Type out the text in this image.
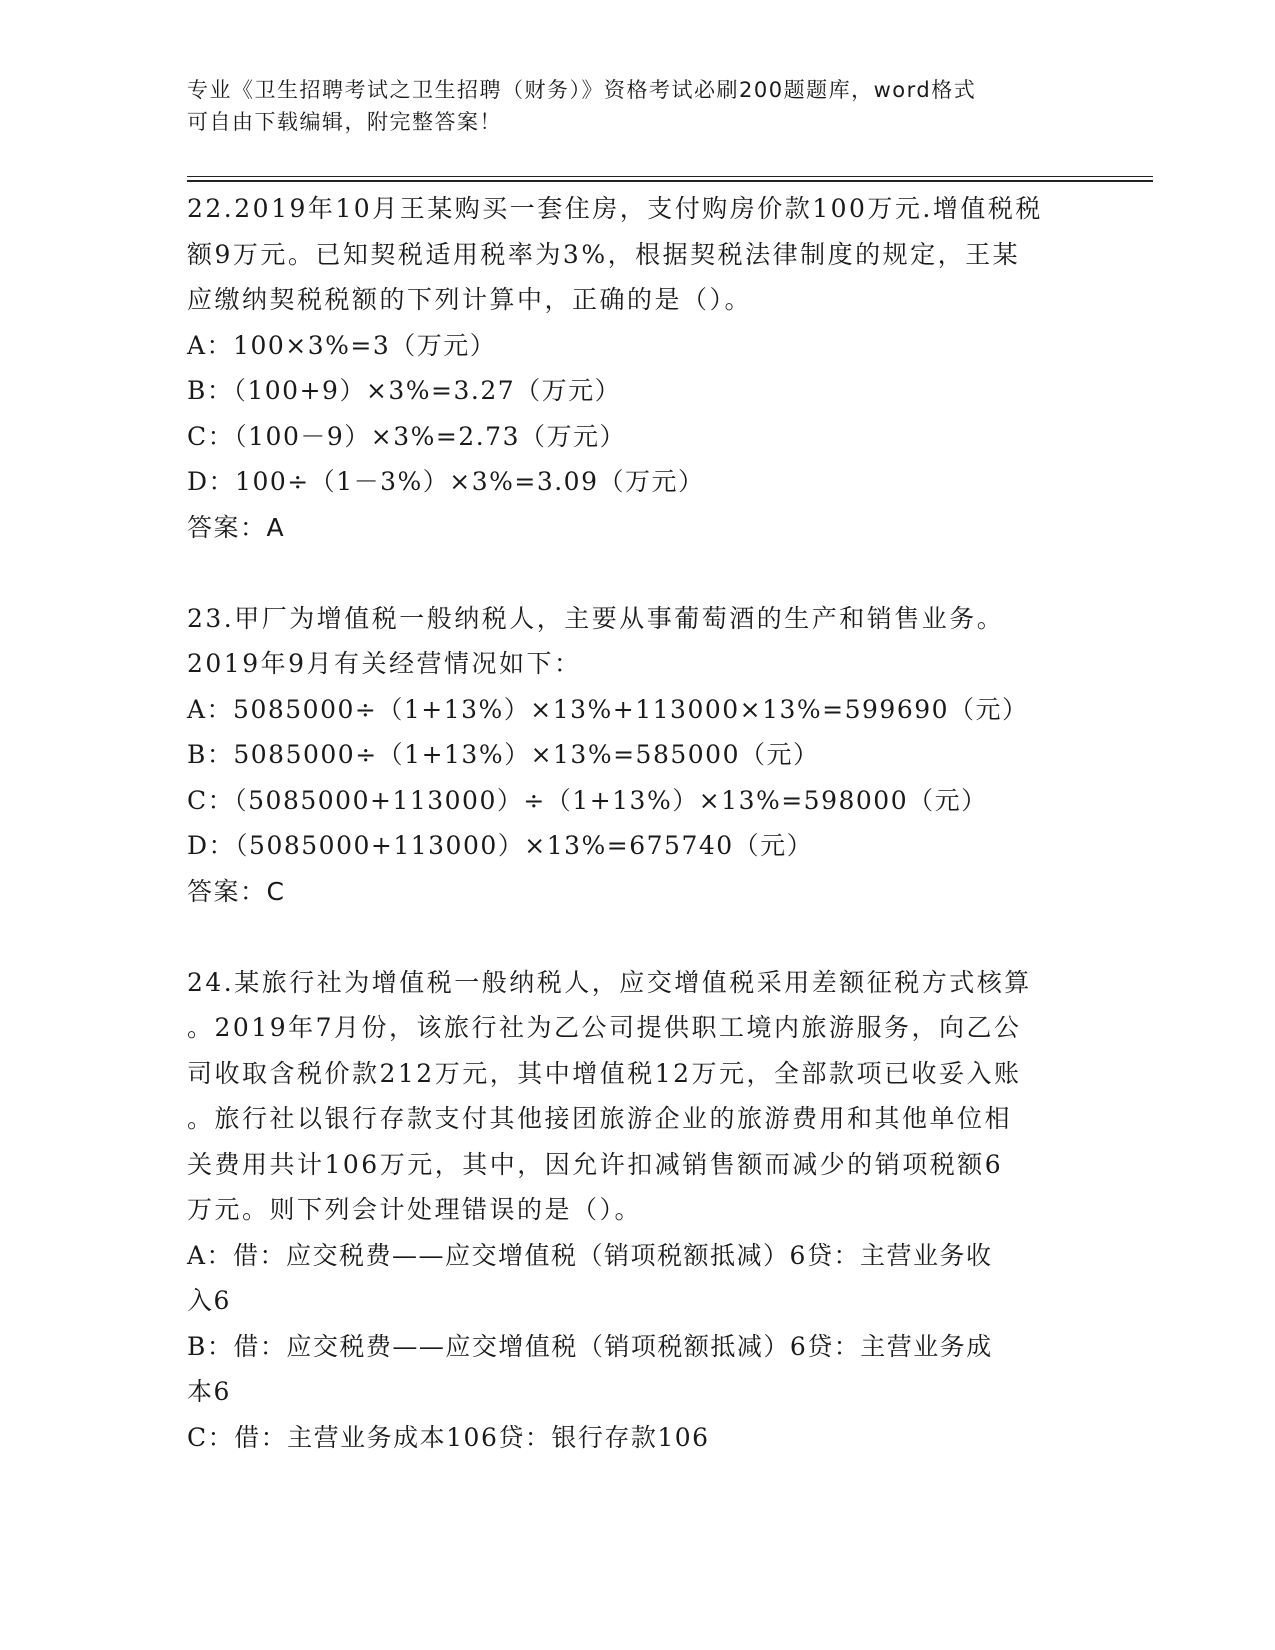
专业《卫生招聘考试之卫生招聘（财务）》资格考试必刷200题题库，word格式
可自由下载编辑，附完整答案！
22.2019年10月王某购买一套住房，支付购房价款100万元.增值税税
额9万元。已知契税适用税率为3%，根据契税法律制度的规定，王某
应缴纳契税税额的下列计算中，正确的是（）。
A：100×3%=3（万元）
B：（100+9）×3%=3.27（万元）
C：（100－9）×3%=2.73（万元）
D：100÷（1－3%）×3%=3.09（万元）
答案：A
23.甲厂为增值税一般纳税人，主要从事葡萄酒的生产和销售业务。
2019年9月有关经营情况如下：
A：5085000÷（1+13%）×13%+113000×13%=599690（元）
B：5085000÷（1+13%）×13%=585000（元）
C：（5085000+113000）÷（1+13%）×13%=598000（元）
D：（5085000+113000）×13%=675740（元）
答案：C
24.某旅行社为增值税一般纳税人，应交增值税采用差额征税方式核算
。2019年7月份，该旅行社为乙公司提供职工境内旅游服务，向乙公
司收取含税价款212万元，其中增值税12万元，全部款项已收妥入账
。旅行社以银行存款支付其他接团旅游企业的旅游费用和其他单位相
关费用共计106万元，其中，因允许扣减销售额而减少的销项税额6
万元。则下列会计处理错误的是（）。
A：借：应交税费——应交增值税（销项税额抵减）6贷：主营业务收
入6
B：借：应交税费——应交增值税（销项税额抵减）6贷：主营业务成
本6
C：借：主营业务成本106贷：银行存款106
